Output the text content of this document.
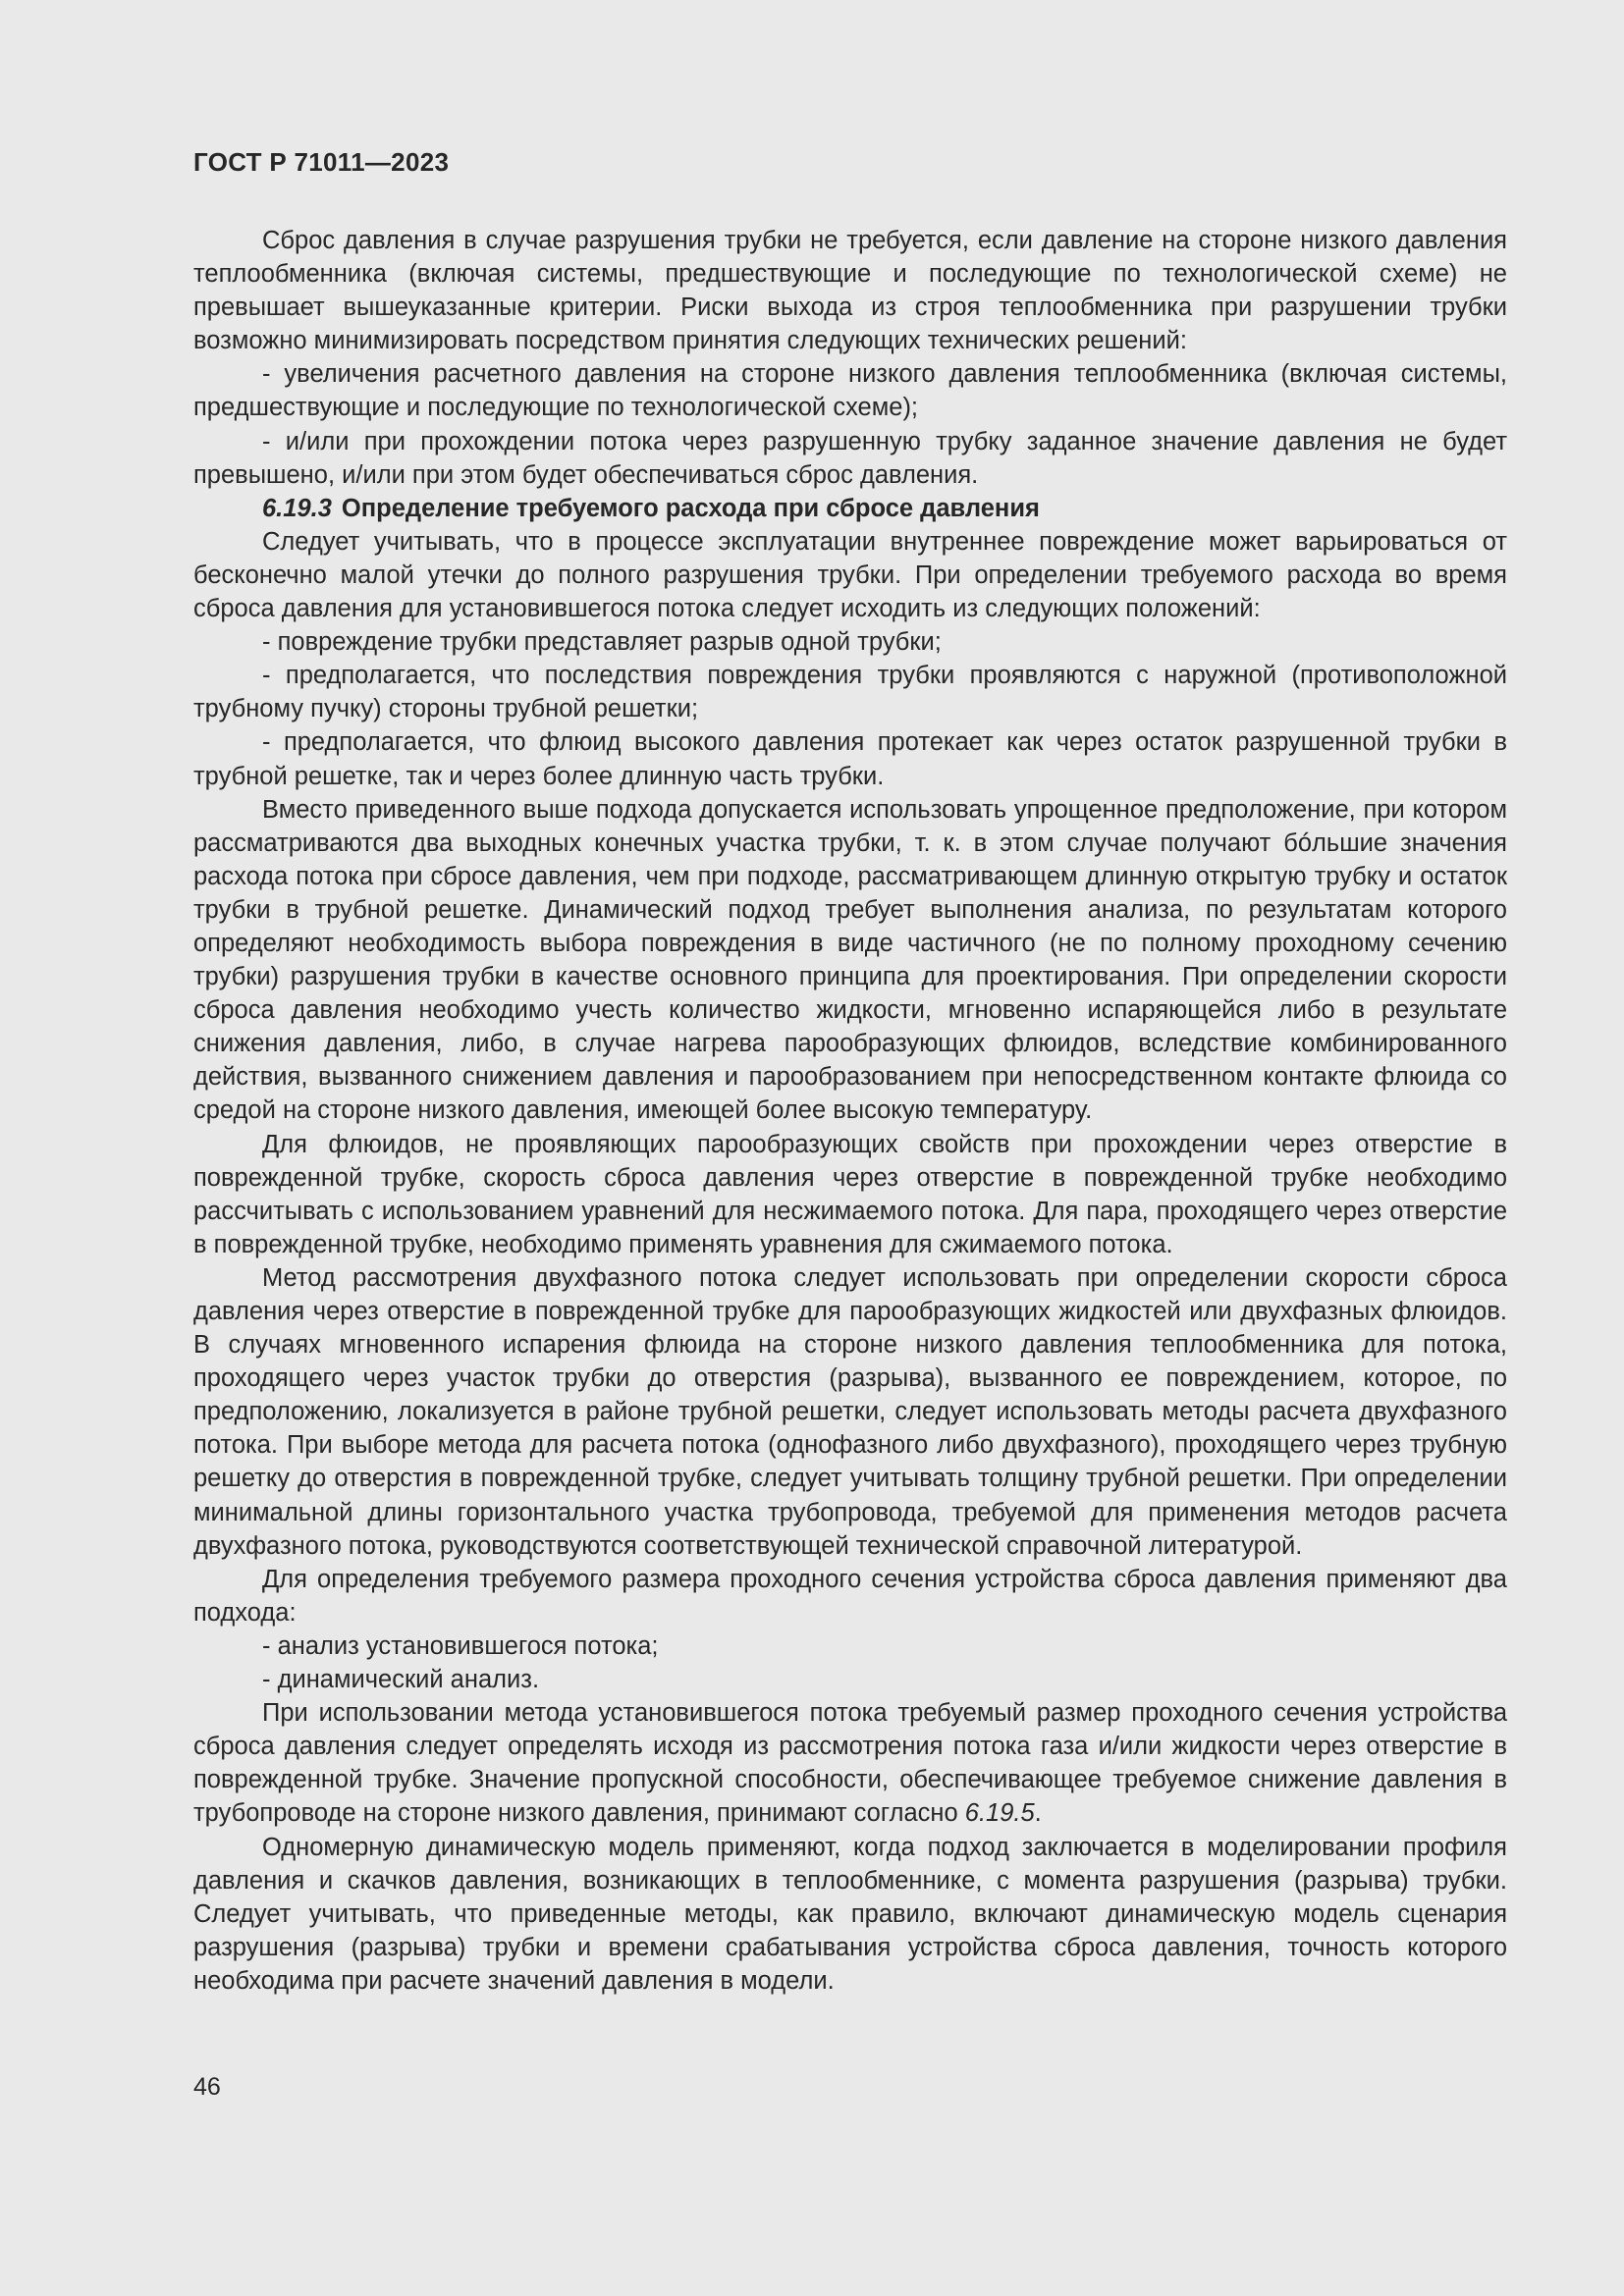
ГОСТ Р 71011—2023

Сброс давления в случае разрушения трубки не требуется, если давление на стороне низкого давления теплообменника (включая системы, предшествующие и последующие по технологической схеме) не превышает вышеуказанные критерии. Риски выхода из строя теплообменника при разрушении трубки возможно минимизировать посредством принятия следующих технических решений:

- увеличения расчетного давления на стороне низкого давления теплообменника (включая системы, предшествующие и последующие по технологической схеме);

- и/или при прохождении потока через разрушенную трубку заданное значение давления не будет превышено, и/или при этом будет обеспечиваться сброс давления.

6.19.3 Определение требуемого расхода при сбросе давления

Следует учитывать, что в процессе эксплуатации внутреннее повреждение может варьироваться от бесконечно малой утечки до полного разрушения трубки. При определении требуемого расхода во время сброса давления для установившегося потока следует исходить из следующих положений:

- повреждение трубки представляет разрыв одной трубки;

- предполагается, что последствия повреждения трубки проявляются с наружной (противоположной трубному пучку) стороны трубной решетки;

- предполагается, что флюид высокого давления протекает как через остаток разрушенной трубки в трубной решетке, так и через более длинную часть трубки.

Вместо приведенного выше подхода допускается использовать упрощенное предположение, при котором рассматриваются два выходных конечных участка трубки, т. к. в этом случае получают бóльшие значения расхода потока при сбросе давления, чем при подходе, рассматривающем длинную открытую трубку и остаток трубки в трубной решетке. Динамический подход требует выполнения анализа, по результатам которого определяют необходимость выбора повреждения в виде частичного (не по полному проходному сечению трубки) разрушения трубки в качестве основного принципа для проектирования. При определении скорости сброса давления необходимо учесть количество жидкости, мгновенно испаряющейся либо в результате снижения давления, либо, в случае нагрева парообразующих флюидов, вследствие комбинированного действия, вызванного снижением давления и парообразованием при непосредственном контакте флюида со средой на стороне низкого давления, имеющей более высокую температуру.

Для флюидов, не проявляющих парообразующих свойств при прохождении через отверстие в поврежденной трубке, скорость сброса давления через отверстие в поврежденной трубке необходимо рассчитывать с использованием уравнений для несжимаемого потока. Для пара, проходящего через отверстие в поврежденной трубке, необходимо применять уравнения для сжимаемого потока.

Метод рассмотрения двухфазного потока следует использовать при определении скорости сброса давления через отверстие в поврежденной трубке для парообразующих жидкостей или двухфазных флюидов. В случаях мгновенного испарения флюида на стороне низкого давления теплообменника для потока, проходящего через участок трубки до отверстия (разрыва), вызванного ее повреждением, которое, по предположению, локализуется в районе трубной решетки, следует использовать методы расчета двухфазного потока. При выборе метода для расчета потока (однофазного либо двухфазного), проходящего через трубную решетку до отверстия в поврежденной трубке, следует учитывать толщину трубной решетки. При определении минимальной длины горизонтального участка трубопровода, требуемой для применения методов расчета двухфазного потока, руководствуются соответствующей технической справочной литературой.

Для определения требуемого размера проходного сечения устройства сброса давления применяют два подхода:

- анализ установившегося потока;

- динамический анализ.

При использовании метода установившегося потока требуемый размер проходного сечения устройства сброса давления следует определять исходя из рассмотрения потока газа и/или жидкости через отверстие в поврежденной трубке. Значение пропускной способности, обеспечивающее требуемое снижение давления в трубопроводе на стороне низкого давления, принимают согласно 6.19.5.

Одномерную динамическую модель применяют, когда подход заключается в моделировании профиля давления и скачков давления, возникающих в теплообменнике, с момента разрушения (разрыва) трубки. Следует учитывать, что приведенные методы, как правило, включают динамическую модель сценария разрушения (разрыва) трубки и времени срабатывания устройства сброса давления, точность которого необходима при расчете значений давления в модели.

46
